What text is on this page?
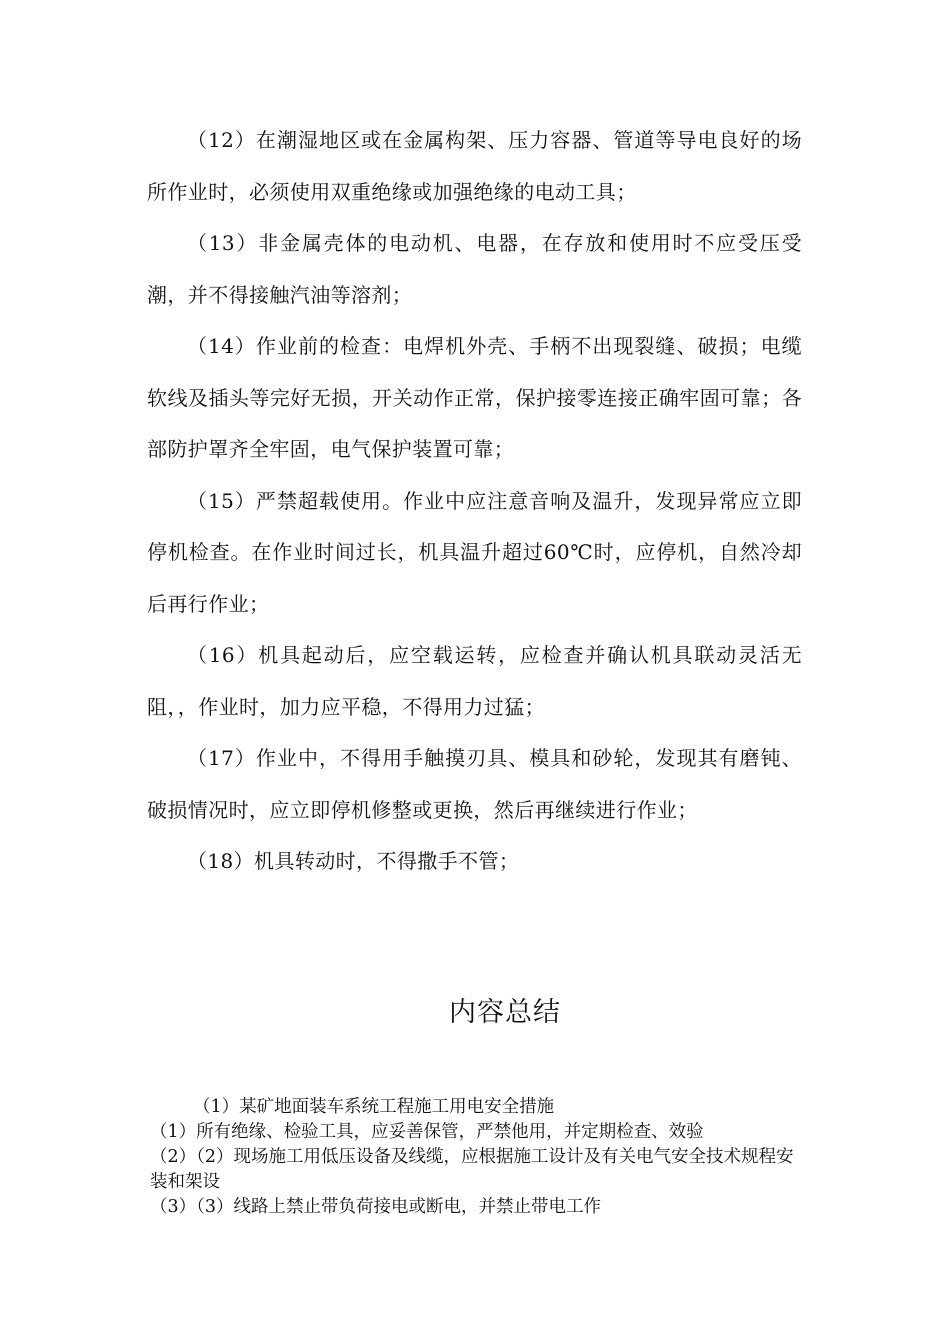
（12）在潮湿地区或在金属构架、压力容器、管道等导电良好的场所作业时，必须使用双重绝缘或加强绝缘的电动工具；

（13）非金属壳体的电动机、电器，在存放和使用时不应受压受潮，并不得接触汽油等溶剂；

（14）作业前的检查：电焊机外壳、手柄不出现裂缝、破损；电缆软线及插头等完好无损，开关动作正常，保护接零连接正确牢固可靠；各部防护罩齐全牢固，电气保护装置可靠；

（15）严禁超载使用。作业中应注意音响及温升，发现异常应立即停机检查。在作业时间过长，机具温升超过60℃时，应停机，自然冷却后再行作业；

（16）机具起动后，应空载运转，应检查并确认机具联动灵活无阻，，作业时，加力应平稳，不得用力过猛；

（17）作业中，不得用手触摸刃具、模具和砂轮，发现其有磨钝、破损情况时，应立即停机修整或更换，然后再继续进行作业；

（18）机具转动时，不得撒手不管；

内容总结

（1）某矿地面装车系统工程施工用电安全措施

（1）所有绝缘、检验工具，应妥善保管，严禁他用，并定期检查、效验

（2）（2）现场施工用低压设备及线缆，应根据施工设计及有关电气安全技术规程安装和架设

（3）（3）线路上禁止带负荷接电或断电，并禁止带电工作
